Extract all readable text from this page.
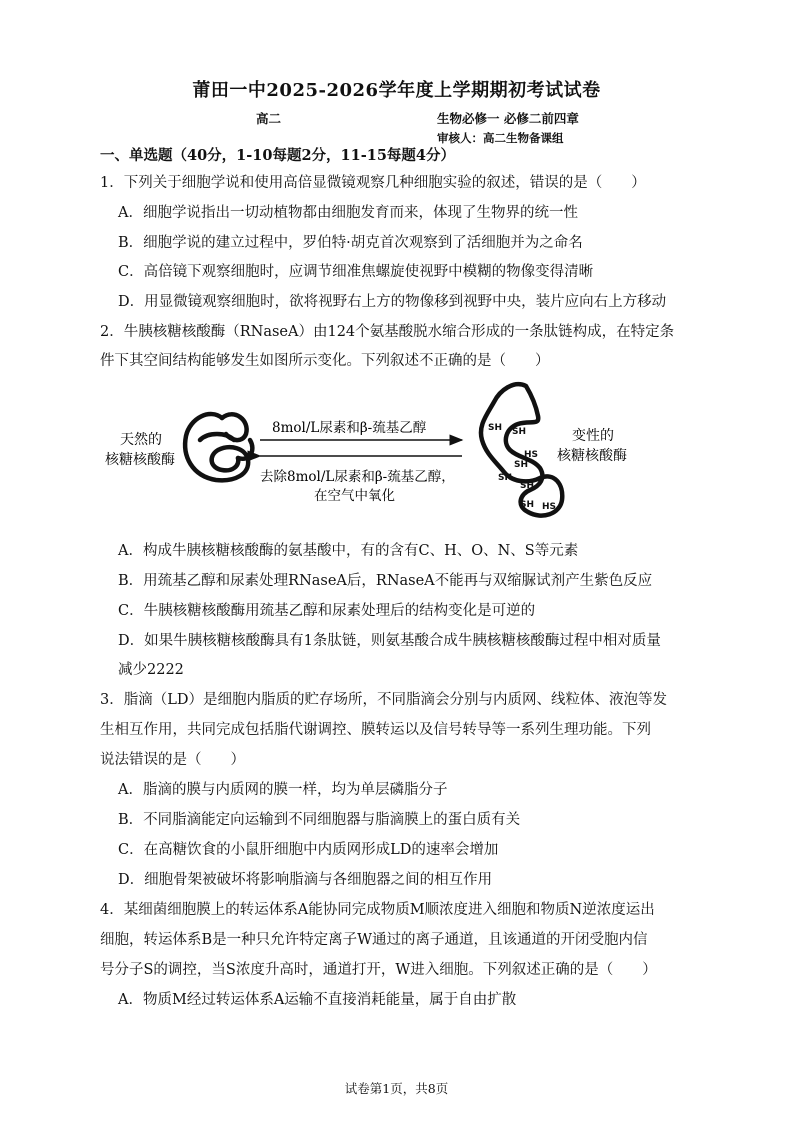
莆田一中2025-2026学年度上学期期初考试试卷
高二	生物必修一 必修二前四章
审核人：高二生物备课组
一、单选题（40分，1-10每题2分，11-15每题4分）
1．下列关于细胞学说和使用高倍显微镜观察几种细胞实验的叙述，错误的是（　　）
A．细胞学说指出一切动植物都由细胞发育而来，体现了生物界的统一性
B．细胞学说的建立过程中，罗伯特·胡克首次观察到了活细胞并为之命名
C．高倍镜下观察细胞时，应调节细准焦螺旋使视野中模糊的物像变得清晰
D．用显微镜观察细胞时，欲将视野右上方的物像移到视野中央，装片应向右上方移动
2．牛胰核糖核酸酶（RNaseA）由124个氨基酸脱水缩合形成的一条肽链构成，在特定条
件下其空间结构能够发生如图所示变化。下列叙述不正确的是（　　）
天然的
核糖核酸酶
8mol/L尿素和β-巯基乙醇
去除8mol/L尿素和β-巯基乙醇，
在空气中氧化
SH SH
HS
SH
SH
SH
SH HS
变性的
核糖核酸酶
A．构成牛胰核糖核酸酶的氨基酸中，有的含有C、H、O、N、S等元素
B．用巯基乙醇和尿素处理RNaseA后，RNaseA不能再与双缩脲试剂产生紫色反应
C．牛胰核糖核酸酶用巯基乙醇和尿素处理后的结构变化是可逆的
D．如果牛胰核糖核酸酶具有1条肽链，则氨基酸合成牛胰核糖核酸酶过程中相对质量
减少2222
3．脂滴（LD）是细胞内脂质的贮存场所，不同脂滴会分别与内质网、线粒体、液泡等发
生相互作用，共同完成包括脂代谢调控、膜转运以及信号转导等一系列生理功能。下列
说法错误的是（　　）
A．脂滴的膜与内质网的膜一样，均为单层磷脂分子
B．不同脂滴能定向运输到不同细胞器与脂滴膜上的蛋白质有关
C．在高糖饮食的小鼠肝细胞中内质网形成LD的速率会增加
D．细胞骨架被破坏将影响脂滴与各细胞器之间的相互作用
4．某细菌细胞膜上的转运体系A能协同完成物质M顺浓度进入细胞和物质N逆浓度运出
细胞，转运体系B是一种只允许特定离子W通过的离子通道，且该通道的开闭受胞内信
号分子S的调控，当S浓度升高时，通道打开，W进入细胞。下列叙述正确的是（　　）
A．物质M经过转运体系A运输不直接消耗能量，属于自由扩散
试卷第1页，共8页
